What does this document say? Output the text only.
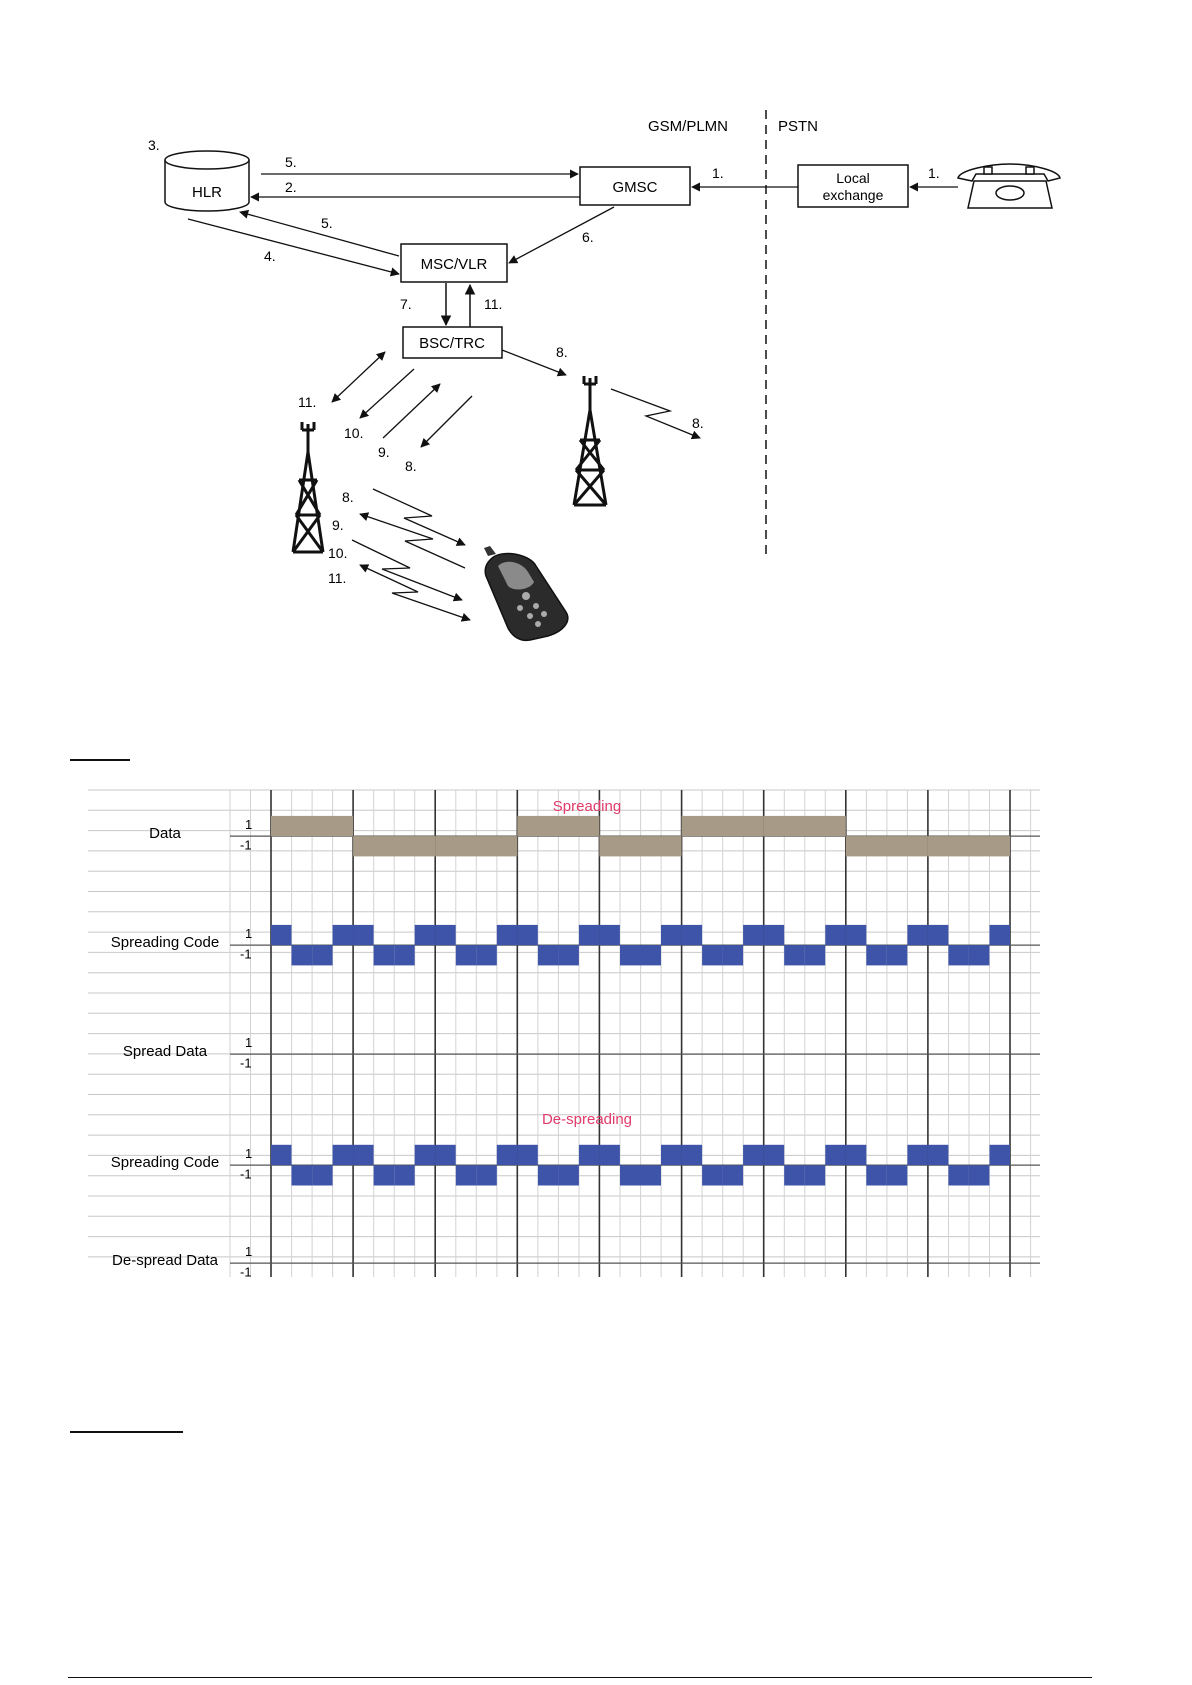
GSM/PLMN	PSTN
HLR
3.
GMSC
Local
exchange
1.
1.
5.
2.
MSC/VLR
5.
4.
6.
BSC/TRC
7.	11.
8.
11.
10.
9.
8.
8.
8.
9.
10.
11.
Data
1
-1
Spreading Code
1
-1
Spread Data
1
-1
Spreading Code
1
-1
De-spread Data
1
-1
Spreading
De-spreading
